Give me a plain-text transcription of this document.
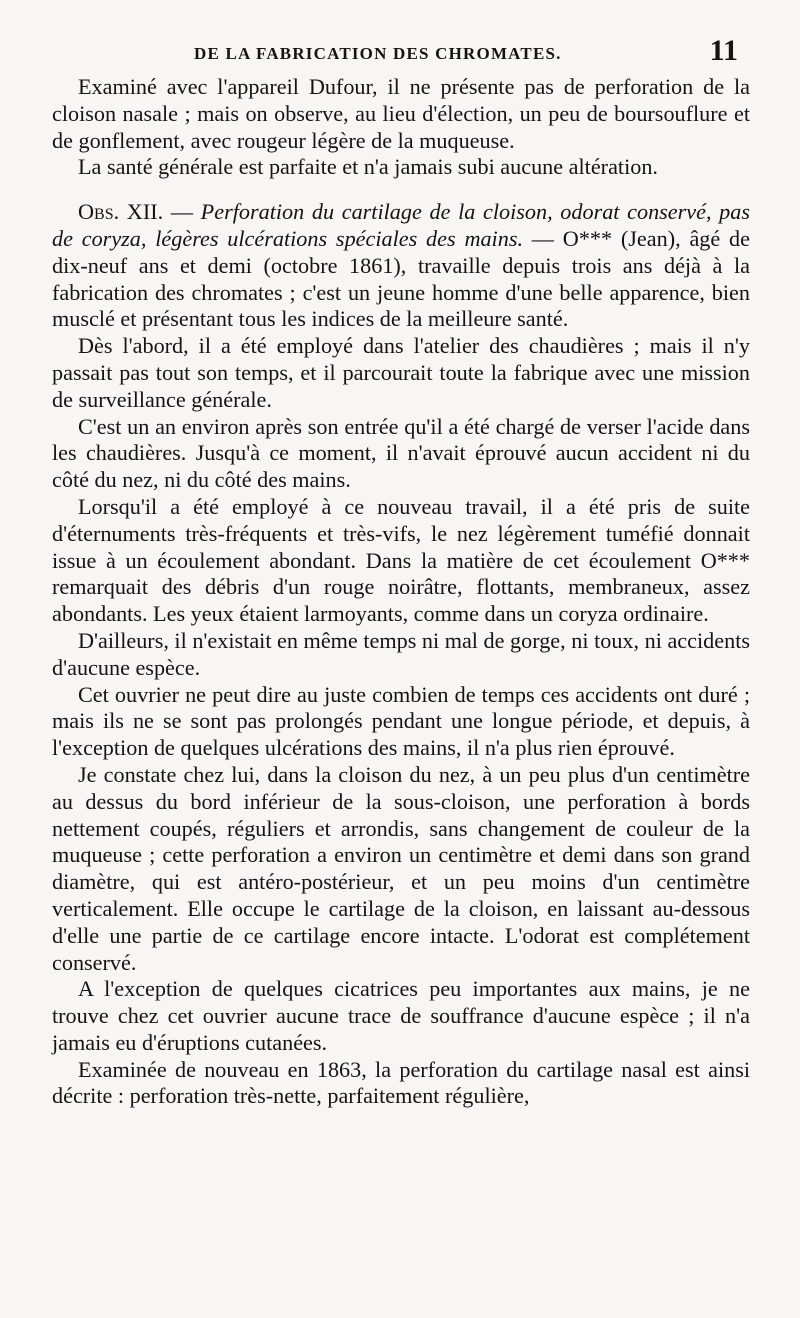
DE LA FABRICATION DES CHROMATES.	11

Examiné avec l'appareil Dufour, il ne présente pas de perforation de la cloison nasale ; mais on observe, au lieu d'élection, un peu de boursouflure et de gonflement, avec rougeur légère de la muqueuse.

La santé générale est parfaite et n'a jamais subi aucune altération.

Obs. XII. — Perforation du cartilage de la cloison, odorat conservé, pas de coryza, légères ulcérations spéciales des mains. — O*** (Jean), âgé de dix-neuf ans et demi (octobre 1861), travaille depuis trois ans déjà à la fabrication des chromates ; c'est un jeune homme d'une belle apparence, bien musclé et présentant tous les indices de la meilleure santé.

Dès l'abord, il a été employé dans l'atelier des chaudières ; mais il n'y passait pas tout son temps, et il parcourait toute la fabrique avec une mission de surveillance générale.

C'est un an environ après son entrée qu'il a été chargé de verser l'acide dans les chaudières. Jusqu'à ce moment, il n'avait éprouvé aucun accident ni du côté du nez, ni du côté des mains.

Lorsqu'il a été employé à ce nouveau travail, il a été pris de suite d'éternuments très-fréquents et très-vifs, le nez légèrement tuméfié donnait issue à un écoulement abondant. Dans la matière de cet écoulement O*** remarquait des débris d'un rouge noirâtre, flottants, membraneux, assez abondants. Les yeux étaient larmoyants, comme dans un coryza ordinaire.

D'ailleurs, il n'existait en même temps ni mal de gorge, ni toux, ni accidents d'aucune espèce.

Cet ouvrier ne peut dire au juste combien de temps ces accidents ont duré ; mais ils ne se sont pas prolongés pendant une longue période, et depuis, à l'exception de quelques ulcérations des mains, il n'a plus rien éprouvé.

Je constate chez lui, dans la cloison du nez, à un peu plus d'un centimètre au dessus du bord inférieur de la sous-cloison, une perforation à bords nettement coupés, réguliers et arrondis, sans changement de couleur de la muqueuse ; cette perforation a environ un centimètre et demi dans son grand diamètre, qui est antéro-postérieur, et un peu moins d'un centimètre verticalement. Elle occupe le cartilage de la cloison, en laissant au-dessous d'elle une partie de ce cartilage encore intacte. L'odorat est complétement conservé.

A l'exception de quelques cicatrices peu importantes aux mains, je ne trouve chez cet ouvrier aucune trace de souffrance d'aucune espèce ; il n'a jamais eu d'éruptions cutanées.

Examinée de nouveau en 1863, la perforation du cartilage nasal est ainsi décrite : perforation très-nette, parfaitement régulière,
